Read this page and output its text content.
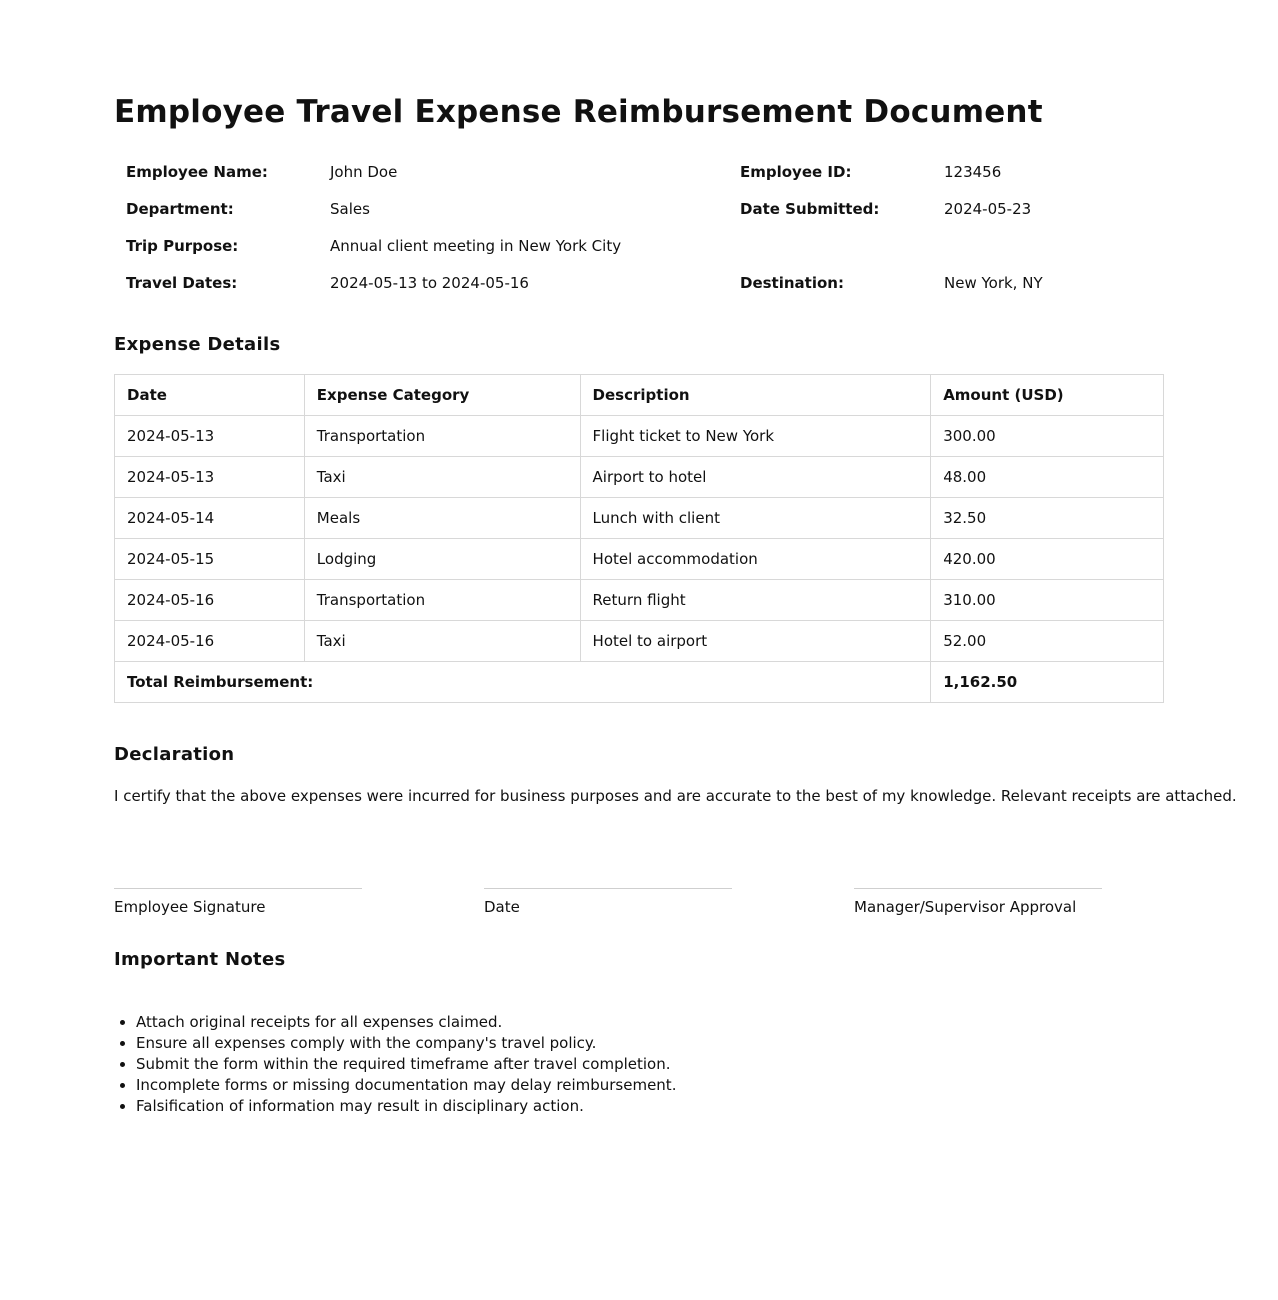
Employee Travel Expense Reimbursement Document
Employee Name:	John Doe	Employee ID:	123456
Department:	Sales	Date Submitted:	2024-05-23
Trip Purpose:	Annual client meeting in New York City
Travel Dates:	2024-05-13 to 2024-05-16	Destination:	New York, NY
Expense Details
Date	Expense Category	Description	Amount (USD)
2024-05-13	Transportation	Flight ticket to New York	300.00
2024-05-13	Taxi	Airport to hotel	48.00
2024-05-14	Meals	Lunch with client	32.50
2024-05-15	Lodging	Hotel accommodation	420.00
2024-05-16	Transportation	Return flight	310.00
2024-05-16	Taxi	Hotel to airport	52.00
Total Reimbursement:			1,162.50
Declaration

I certify that the above expenses were incurred for business purposes and are accurate to the best of my knowledge. Relevant receipts are attached.

Employee Signature	Date	Manager/Supervisor Approval
Important Notes
• Attach original receipts for all expenses claimed.
• Ensure all expenses comply with the company's travel policy.
• Submit the form within the required timeframe after travel completion.
• Incomplete forms or missing documentation may delay reimbursement.
• Falsification of information may result in disciplinary action.
